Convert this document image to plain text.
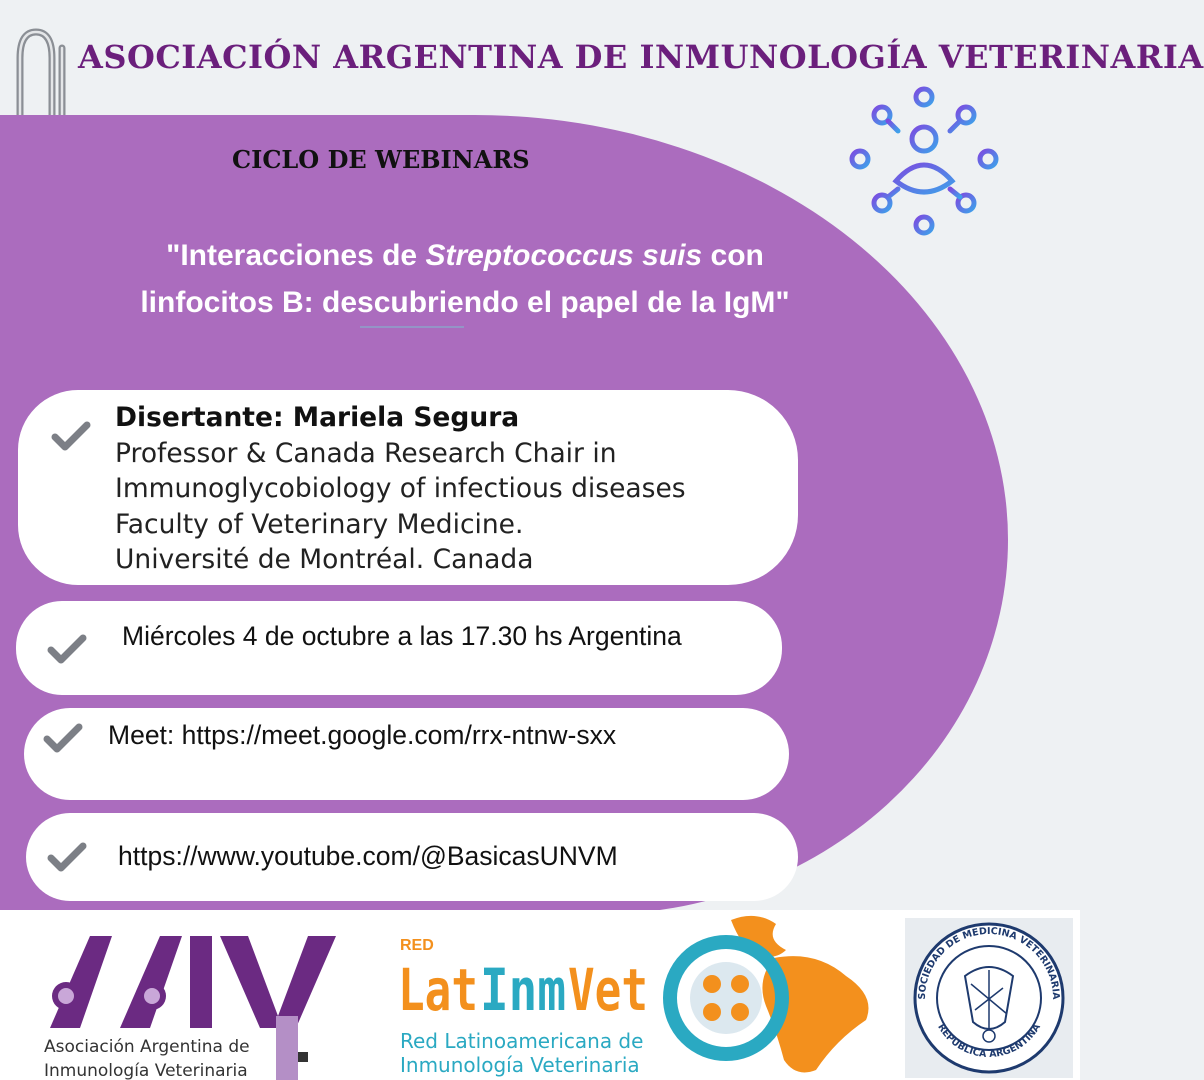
ASOCIACIÓN ARGENTINA DE INMUNOLOGÍA VETERINARIA
CICLO DE WEBINARS
"Interacciones de Streptococcus suis con
linfocitos B: descubriendo el papel de la IgM"
Disertante: Mariela Segura
Professor & Canada Research Chair in
Immunoglycobiology of infectious diseases
Faculty of Veterinary Medicine.
Université de Montréal. Canada
Miércoles 4 de octubre a las 17.30 hs Argentina
Meet: https://meet.google.com/rrx-ntnw-sxx
https://www.youtube.com/@BasicasUNVM
Asociación Argentina de
Inmunología Veterinaria
RED
Lat Inm Vet
Red Latinoamericana de
Inmunología Veterinaria
SOCIEDAD DE MEDICINA VETERINARIA
REPUBLICA ARGENTINA
